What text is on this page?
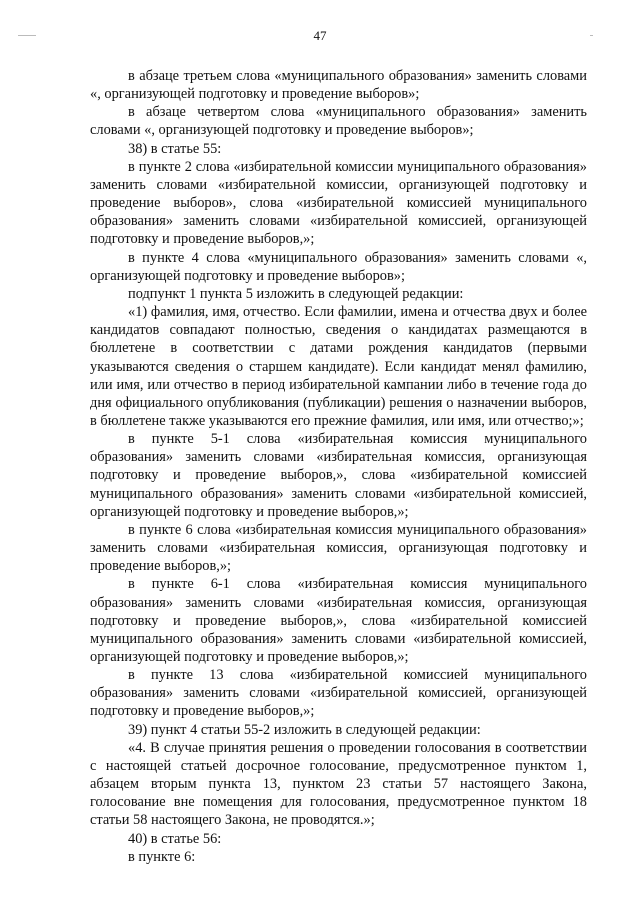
47

в абзаце третьем слова «муниципального образования» заменить словами «, организующей подготовку и проведение выборов»;

в абзаце четвертом слова «муниципального образования» заменить словами «, организующей подготовку и проведение выборов»;

38) в статье 55:

в пункте 2 слова «избирательной комиссии муниципального образования» заменить словами «избирательной комиссии, организующей подготовку и проведение выборов», слова «избирательной комиссией муниципального образования» заменить словами «избирательной комиссией, организующей подготовку и проведение выборов,»;

в пункте 4 слова «муниципального образования» заменить словами «, организующей подготовку и проведение выборов»;

подпункт 1 пункта 5 изложить в следующей редакции:

«1) фамилия, имя, отчество. Если фамилии, имена и отчества двух и более кандидатов совпадают полностью, сведения о кандидатах размещаются в бюллетене в соответствии с датами рождения кандидатов (первыми указываются сведения о старшем кандидате). Если кандидат менял фамилию, или имя, или отчество в период избирательной кампании либо в течение года до дня официального опубликования (публикации) решения о назначении выборов, в бюллетене также указываются его прежние фамилия, или имя, или отчество;»;

в пункте 5-1 слова «избирательная комиссия муниципального образования» заменить словами «избирательная комиссия, организующая подготовку и проведение выборов,», слова «избирательной комиссией муниципального образования» заменить словами «избирательной комиссией, организующей подготовку и проведение выборов,»;

в пункте 6 слова «избирательная комиссия муниципального образования» заменить словами «избирательная комиссия, организующая подготовку и проведение выборов,»;

в пункте 6-1 слова «избирательная комиссия муниципального образования» заменить словами «избирательная комиссия, организующая подготовку и проведение выборов,», слова «избирательной комиссией муниципального образования» заменить словами «избирательной комиссией, организующей подготовку и проведение выборов,»;

в пункте 13 слова «избирательной комиссией муниципального образования» заменить словами «избирательной комиссией, организующей подготовку и проведение выборов,»;

39) пункт 4 статьи 55-2 изложить в следующей редакции:

«4. В случае принятия решения о проведении голосования в соответствии с настоящей статьей досрочное голосование, предусмотренное пунктом 1, абзацем вторым пункта 13, пунктом 23 статьи 57 настоящего Закона, голосование вне помещения для голосования, предусмотренное пунктом 18 статьи 58 настоящего Закона, не проводятся.»;

40) в статье 56:

в пункте 6:
